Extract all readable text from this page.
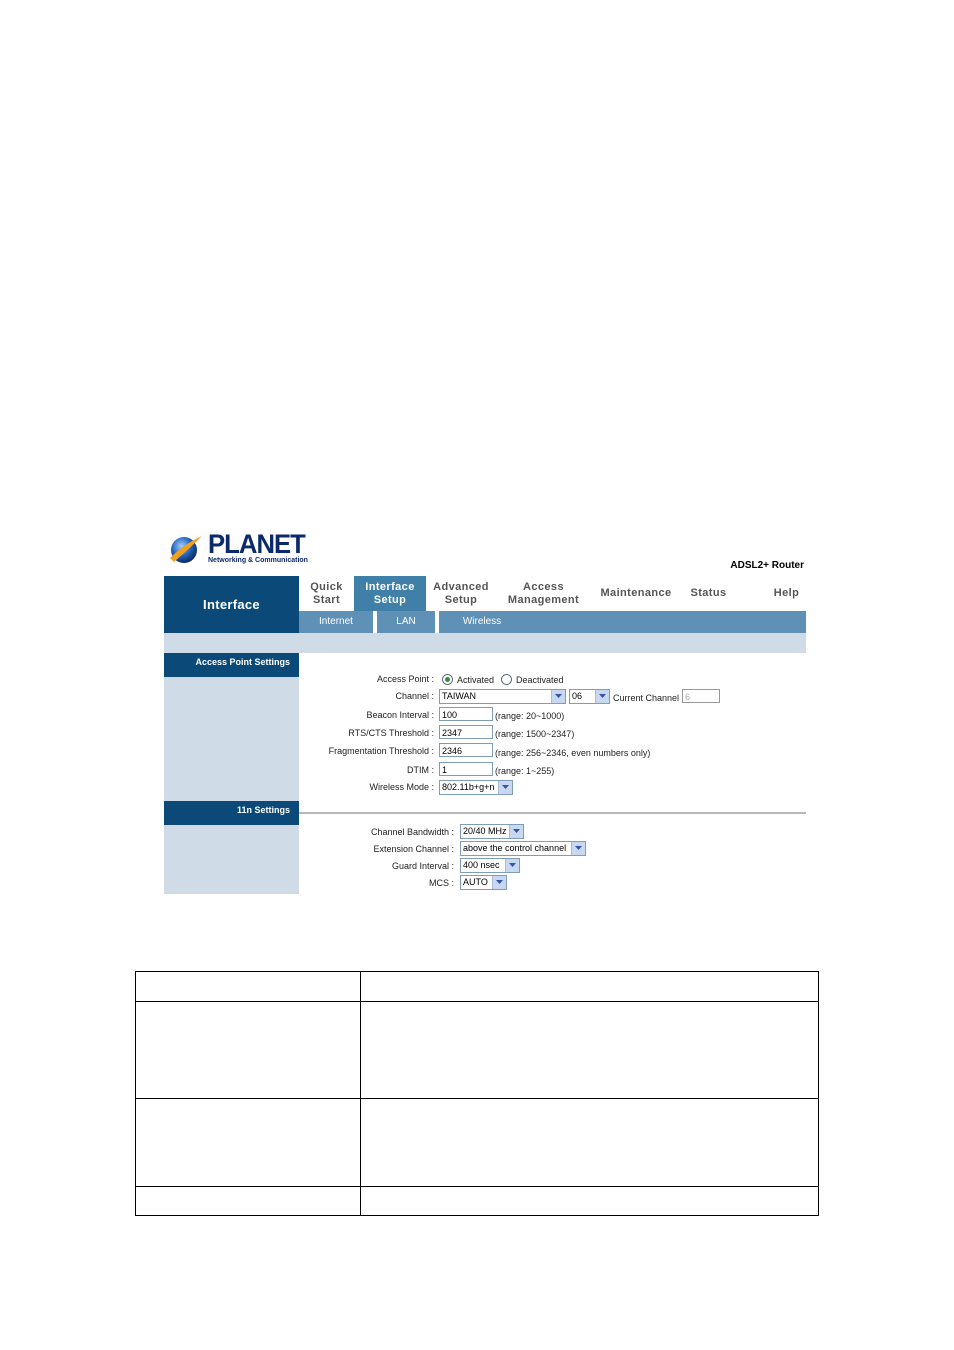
PLANET
Networking & Communication	ADSL2+ Router
Interface
Quick
Start
Interface
Setup
Advanced
Setup
Access
Management
Maintenance Status	Help
Internet	LAN	Wireless
Access Point Settings
Access Point :	Activated Deactivated
Channel : TAIWAN	06	Current Channel 6
Beacon Interval : 100	(range: 20~1000)
RTS/CTS Threshold : 2347	(range: 1500~2347)
Fragmentation Threshold : 2346	(range: 256~2346, even numbers only)
DTIM : 1	(range: 1~255)
Wireless Mode : 802.11b+g+n
11n Settings
Channel Bandwidth :	20/40 MHz
Extension Channel :	above the control channel
Guard Interval :	400 nsec
MCS :	AUTO
